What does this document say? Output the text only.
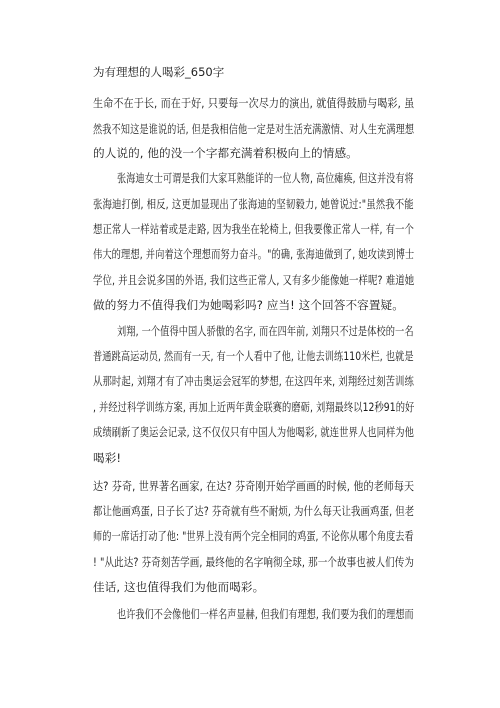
为有理想的人喝彩_650字
生命不在于长, 而在于好, 只要每一次尽力的演出, 就值得鼓励与喝彩, 虽
然我不知这是谁说的话, 但是我相信他一定是对生活充满激情、对人生充满理想
的人说的, 他的没一个字都充满着积极向上的情感。
张海迪女士可谓是我们大家耳熟能详的一位人物, 高位瘫痪, 但这并没有将
张海迪打倒, 相反, 这更加显现出了张海迪的坚韧毅力, 她曾说过:"虽然我不能
想正常人一样站着或是走路, 因为我坐在轮椅上, 但我要像正常人一样, 有一个
伟大的理想, 并向着这个理想而努力奋斗。"的确, 张海迪做到了, 她攻读到博士
学位, 并且会说多国的外语, 我们这些正常人, 又有多少能像她一样呢? 难道她
做的努力不值得我们为她喝彩吗? 应当! 这个回答不容置疑。
刘翔, 一个值得中国人骄傲的名字, 而在四年前, 刘翔只不过是体校的一名
普通跳高运动员, 然而有一天, 有一个人看中了他, 让他去训练110米栏, 也就是
从那时起, 刘翔才有了冲击奥运会冠军的梦想, 在这四年来, 刘翔经过刻苦训练
, 并经过科学训练方案, 再加上近两年黄金联赛的磨砺, 刘翔最终以12秒91的好
成绩刷新了奥运会记录, 这不仅仅只有中国人为他喝彩, 就连世界人也同样为他
喝彩!
达? 芬奇, 世界著名画家, 在达? 芬奇刚开始学画画的时候, 他的老师每天
都让他画鸡蛋, 日子长了达? 芬奇就有些不耐烦, 为什么每天让我画鸡蛋, 但老
师的一席话打动了他: "世界上没有两个完全相同的鸡蛋, 不论你从哪个角度去看
! "从此达? 芬奇刻苦学画, 最终他的名字响彻全球, 那一个故事也被人们传为
佳话, 这也值得我们为他而喝彩。
也许我们不会像他们一样名声显赫, 但我们有理想, 我们要为我们的理想而
